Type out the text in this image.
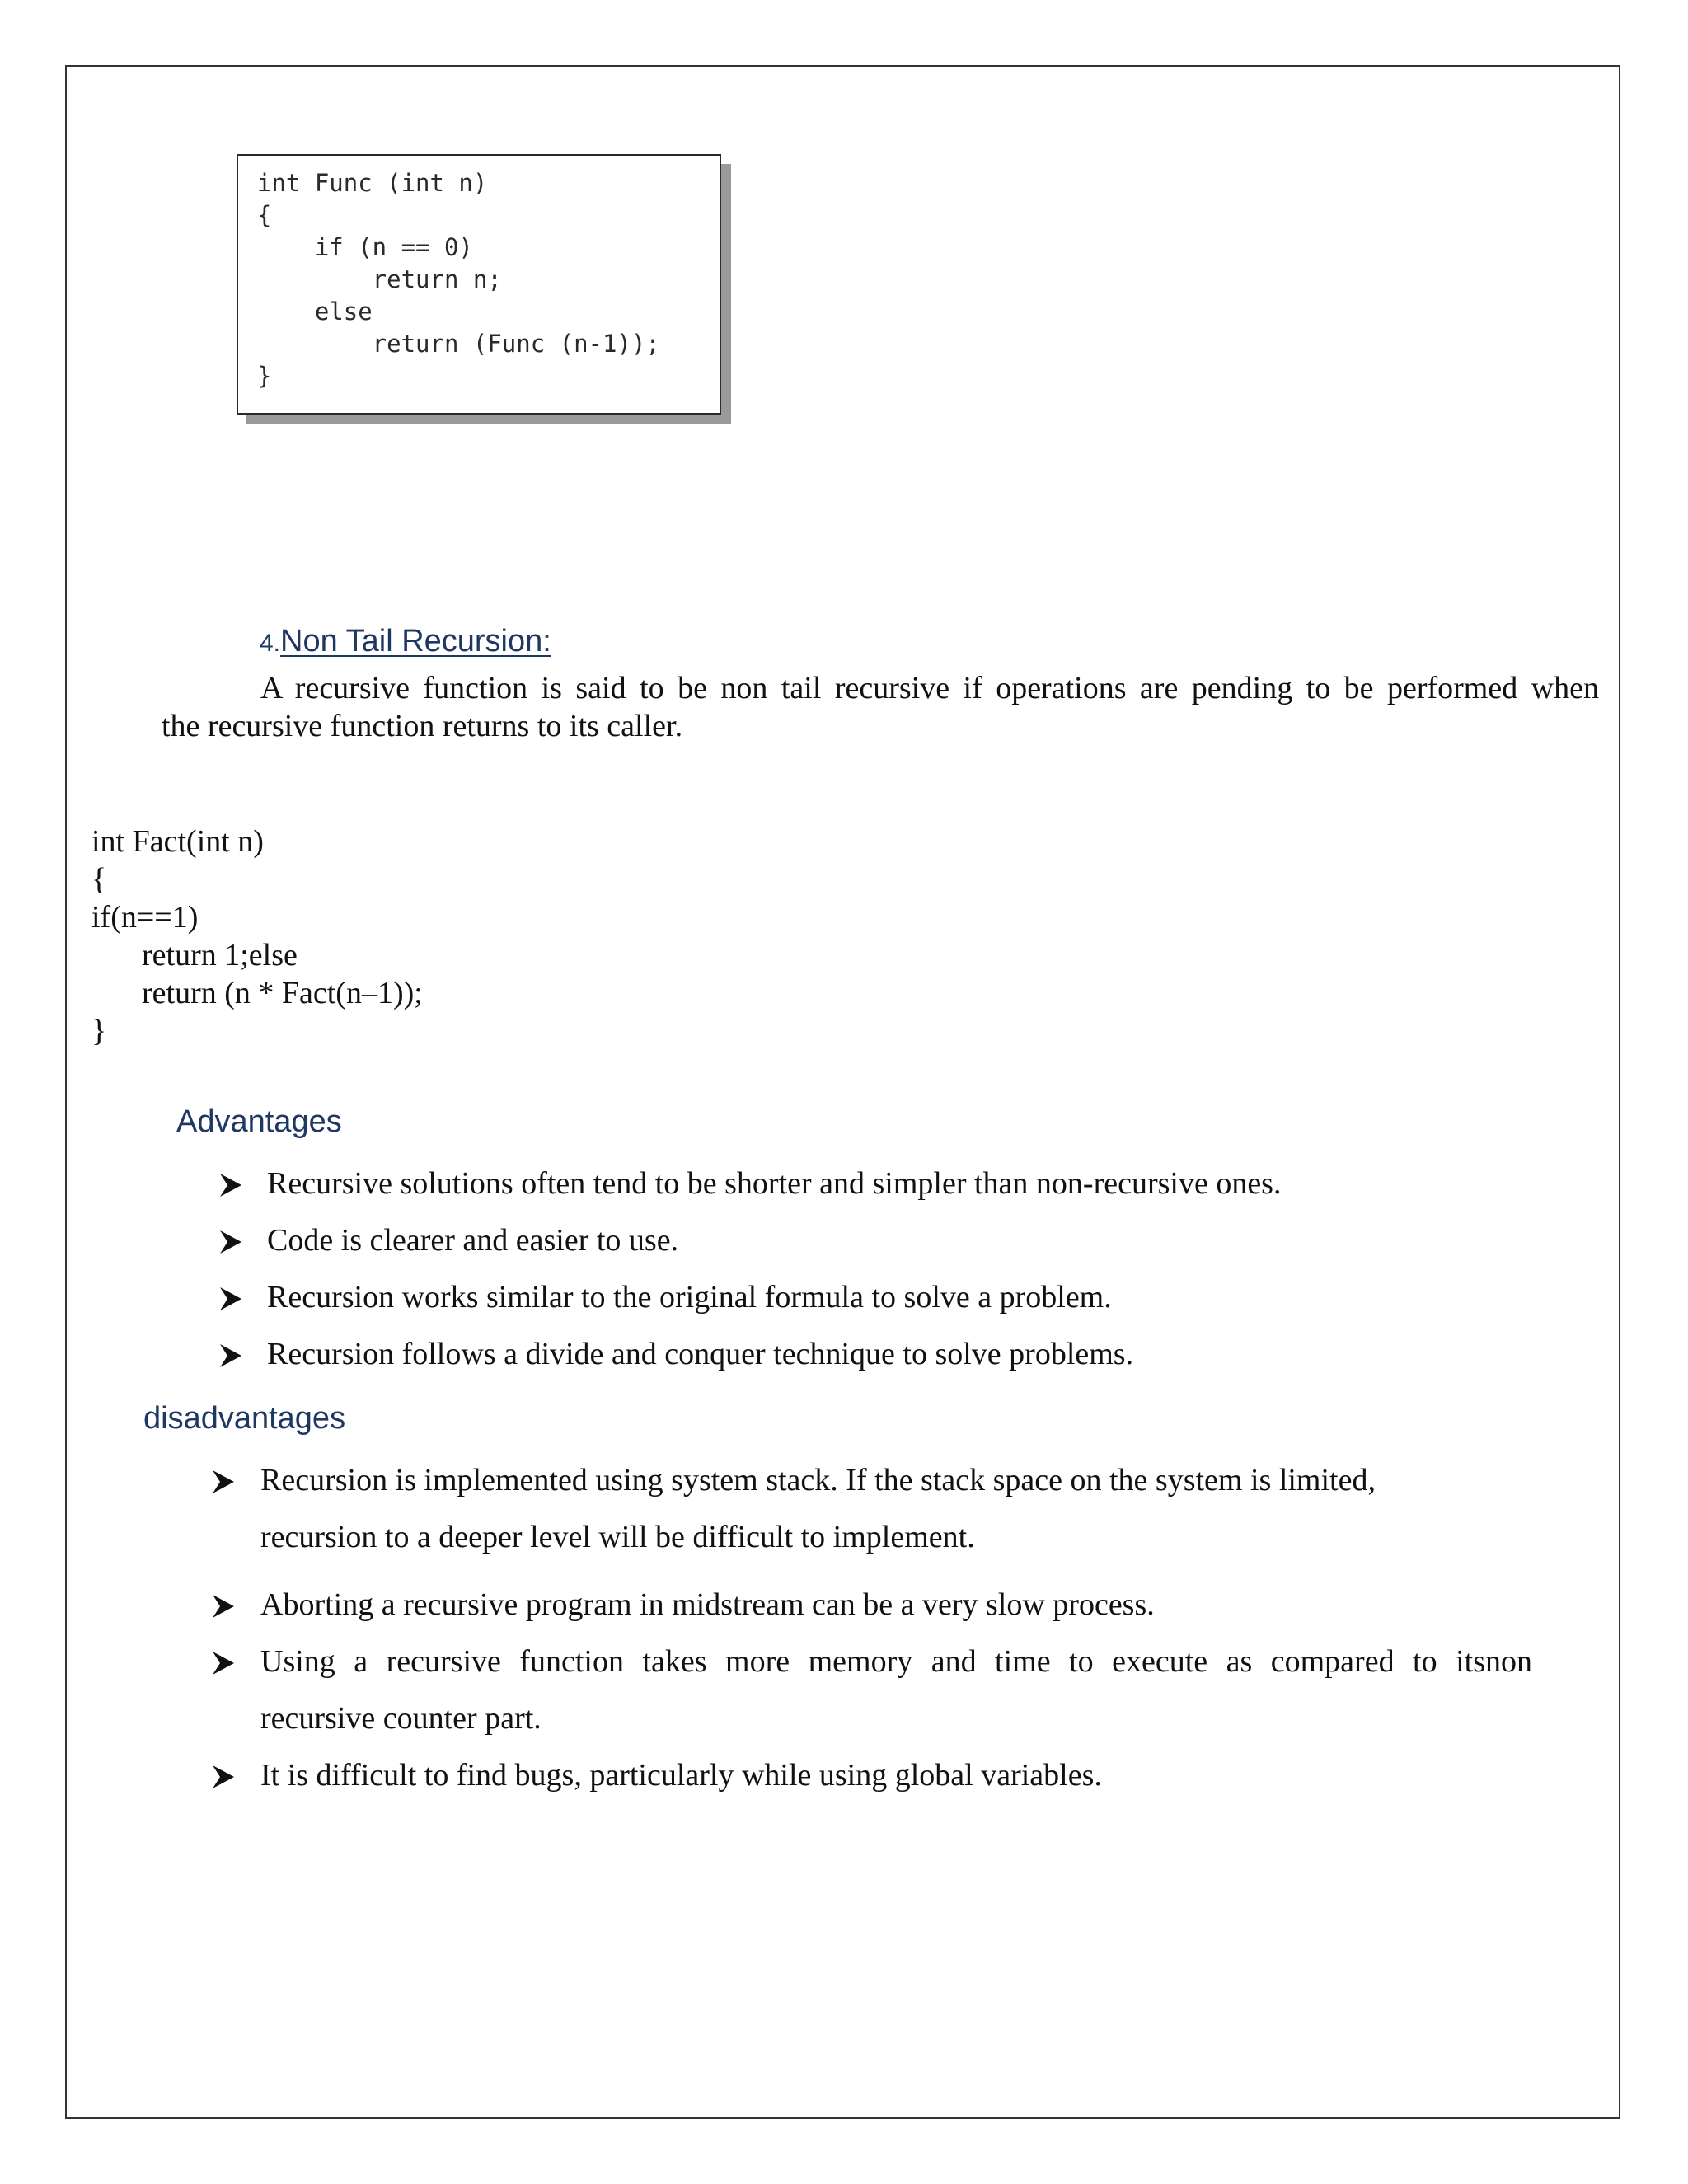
int Func (int n)
{
if (n == 0)
return n;
else
return (Func (n-1));
}
4.Non Tail Recursion:
A recursive function is said to be non tail recursive if operations are pending to be performed when
the recursive function returns to its caller.
int Fact(int n)
{
if(n==1)
return 1;else
return (n * Fact(n–1));
}
Advantages
Recursive solutions often tend to be shorter and simpler than non-recursive ones.
Code is clearer and easier to use.
Recursion works similar to the original formula to solve a problem.
Recursion follows a divide and conquer technique to solve problems.
disadvantages
Recursion is implemented using system stack. If the stack space on the system is limited,
recursion to a deeper level will be difficult to implement.
Aborting a recursive program in midstream can be a very slow process.
Using a recursive function takes more memory and time to execute as compared to itsnon
recursive counter part.
It is difficult to find bugs, particularly while using global variables.
